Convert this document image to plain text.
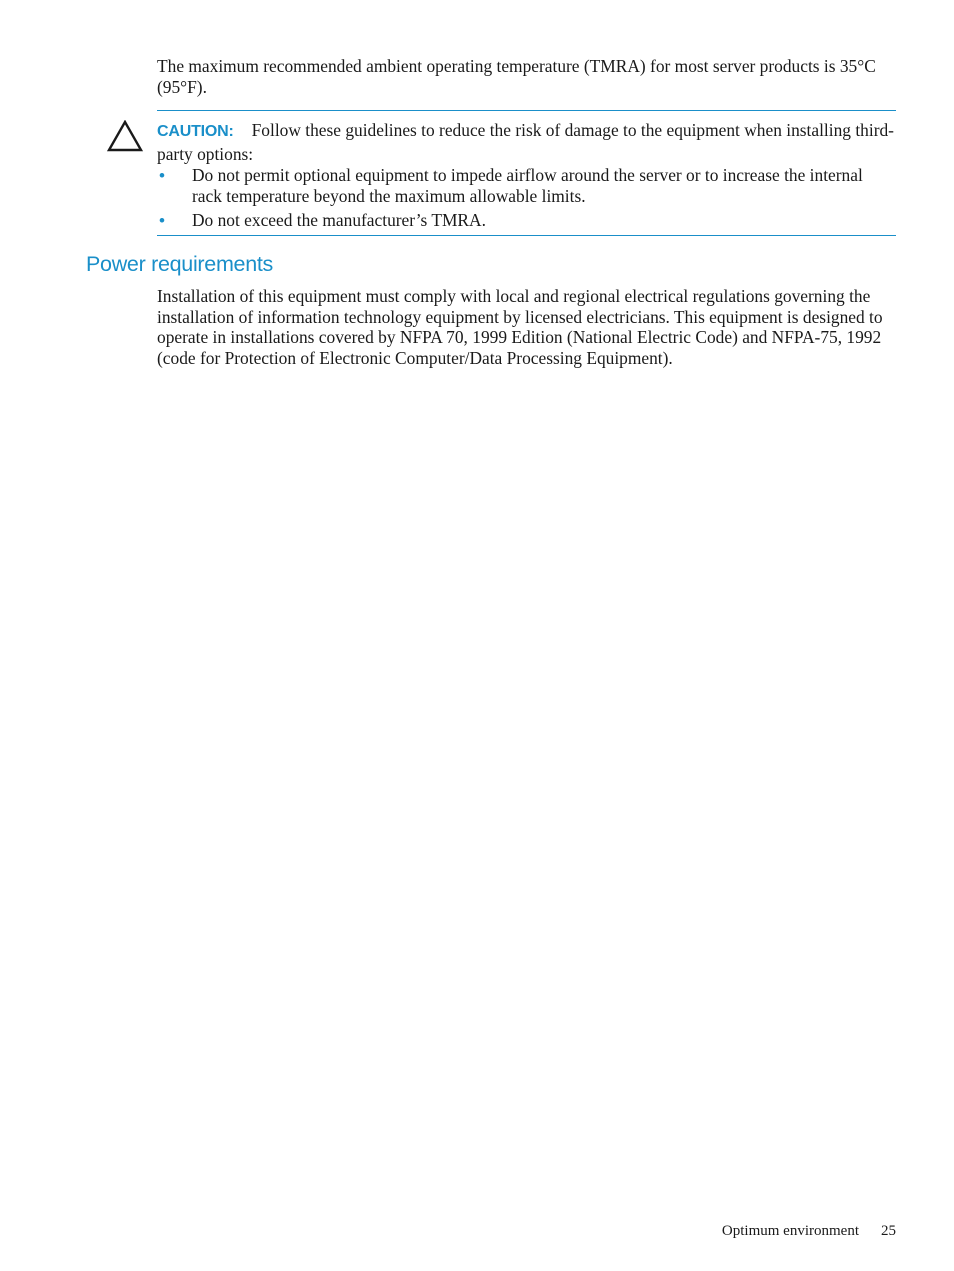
The maximum recommended ambient operating temperature (TMRA) for most server products is 35°C (95°F).

CAUTION: Follow these guidelines to reduce the risk of damage to the equipment when installing third-party options:

• Do not permit optional equipment to impede airflow around the server or to increase the internal rack temperature beyond the maximum allowable limits.
• Do not exceed the manufacturer’s TMRA.
Power requirements

Installation of this equipment must comply with local and regional electrical regulations governing the installation of information technology equipment by licensed electricians. This equipment is designed to operate in installations covered by NFPA 70, 1999 Edition (National Electric Code) and NFPA-75, 1992 (code for Protection of Electronic Computer/Data Processing Equipment).

Optimum environment 25
